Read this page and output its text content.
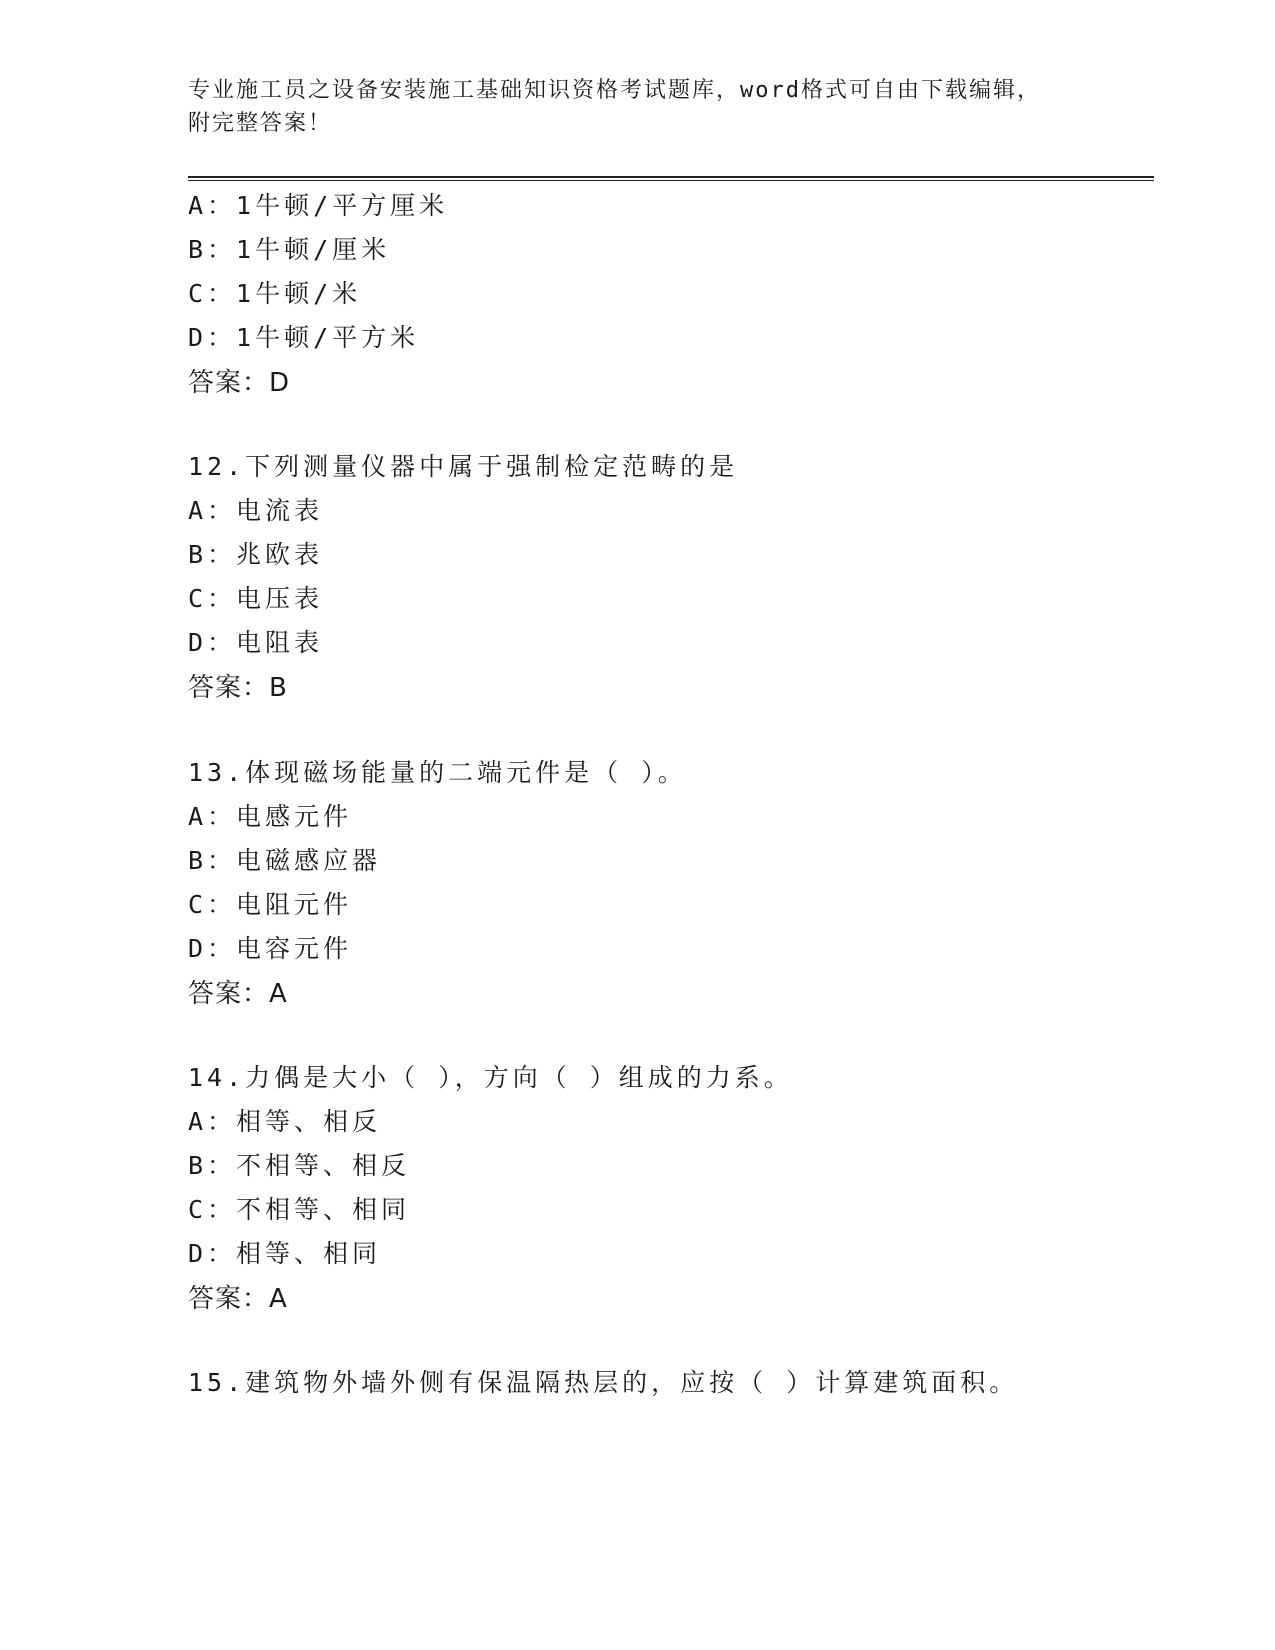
专业施工员之设备安装施工基础知识资格考试题库，word格式可自由下载编辑，
附完整答案！
A：1牛顿/平方厘米
B：1牛顿/厘米
C：1牛顿/米
D：1牛顿/平方米
答案：D
12.下列测量仪器中属于强制检定范畴的是
A：电流表
B：兆欧表
C：电压表
D：电阻表
答案：B
13.体现磁场能量的二端元件是（ ）。
A：电感元件
B：电磁感应器
C：电阻元件
D：电容元件
答案：A
14.力偶是大小（ ），方向（ ）组成的力系。
A：相等、相反
B：不相等、相反
C：不相等、相同
D：相等、相同
答案：A
15.建筑物外墙外侧有保温隔热层的，应按（ ）计算建筑面积。
